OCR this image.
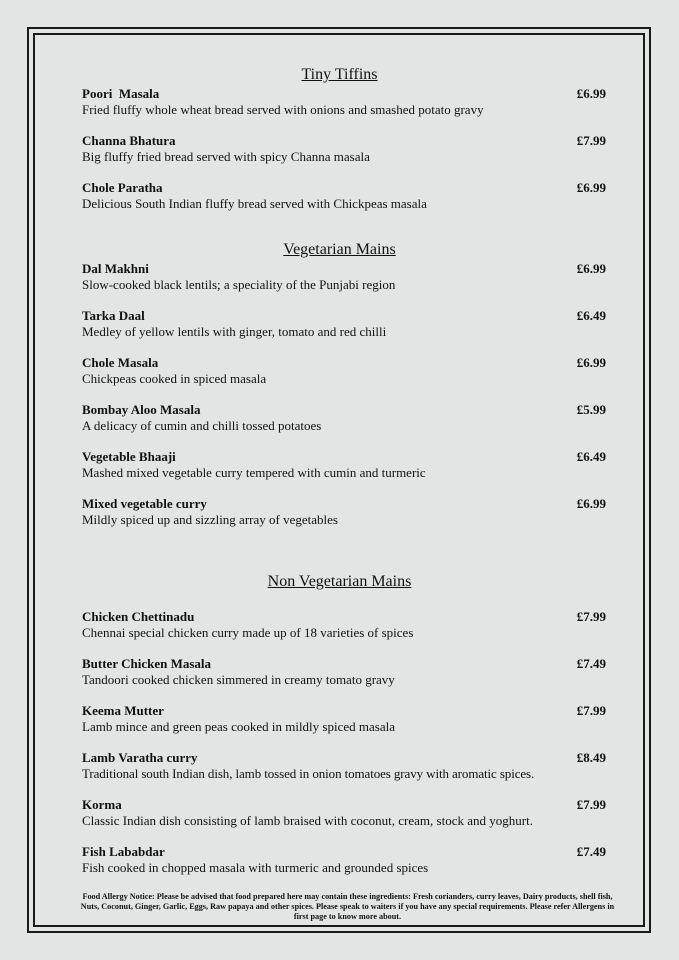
Tiny Tiffins
Poori  Masala
Fried fluffy whole wheat bread served with onions and smashed potato gravy
£6.99
Channa Bhatura
Big fluffy fried bread served with spicy Channa masala
£7.99
Chole Paratha
Delicious South Indian fluffy bread served with Chickpeas masala
£6.99
Vegetarian Mains
Dal Makhni
Slow-cooked black lentils; a speciality of the Punjabi region
£6.99
Tarka Daal
Medley of yellow lentils with ginger, tomato and red chilli
£6.49
Chole Masala
Chickpeas cooked in spiced masala
£6.99
Bombay Aloo Masala
A delicacy of cumin and chilli tossed potatoes
£5.99
Vegetable Bhaaji
Mashed mixed vegetable curry tempered with cumin and turmeric
£6.49
Mixed vegetable curry
Mildly spiced up and sizzling array of vegetables
£6.99
Non Vegetarian Mains
Chicken Chettinadu
Chennai special chicken curry made up of 18 varieties of spices
£7.99
Butter Chicken Masala
Tandoori cooked chicken simmered in creamy tomato gravy
£7.49
Keema Mutter
Lamb mince and green peas cooked in mildly spiced masala
£7.99
Lamb Varatha curry
Traditional south Indian dish, lamb tossed in onion tomatoes gravy with aromatic spices.
£8.49
Korma
Classic Indian dish consisting of lamb braised with coconut, cream, stock and yoghurt.
£7.99
Fish Lababdar
Fish cooked in chopped masala with turmeric and grounded spices
£7.49
Food Allergy Notice: Please be advised that food prepared here may contain these ingredients: Fresh corianders, curry leaves, Dairy products, shell fish, Nuts, Coconut, Ginger, Garlic, Eggs, Raw papaya and other spices. Please speak to waiters if you have any special requirements. Please refer Allergens in first page to know more about.
